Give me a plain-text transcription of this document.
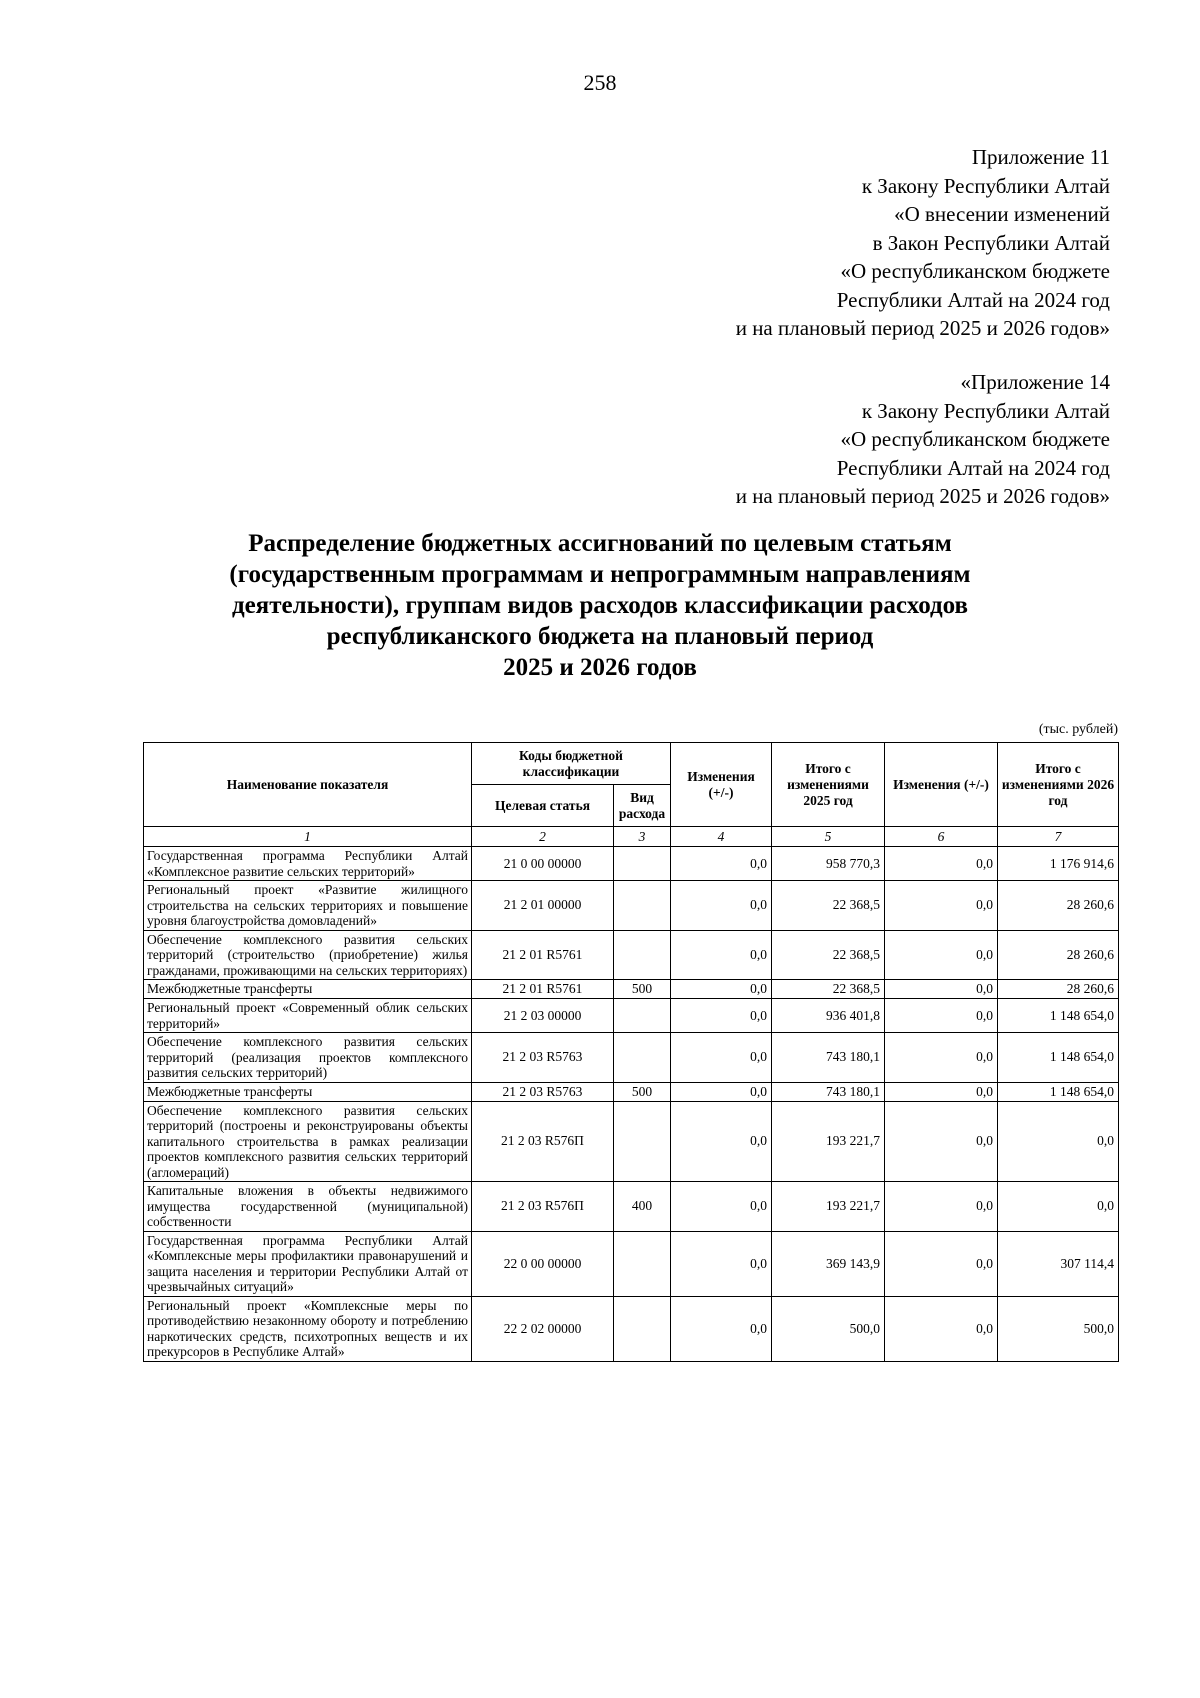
258
Приложение 11
к Закону Республики Алтай
«О внесении изменений
в Закон Республики Алтай
«О республиканском бюджете
Республики Алтай на 2024 год
и на плановый период 2025 и 2026 годов»
«Приложение 14
к Закону Республики Алтай
«О республиканском бюджете
Республики Алтай на 2024 год
и на плановый период 2025 и 2026 годов»
Распределение бюджетных ассигнований по целевым статьям
(государственным программам и непрограммным направлениям
деятельности), группам видов расходов классификации расходов
республиканского бюджета на плановый период
2025 и 2026 годов
(тыс. рублей)
Наименование показателя	Коды бюджетной классификации		Изменения (+/-)	Итого с изменениями 2025 год	Изменения (+/-)	Итого с изменениями 2026 год
	Целевая статья	Вид расхода				
1	2	3	4	5	6	7
Государственная программа Республики Алтай «Комплексное развитие сельских территорий»	21 0 00 00000		0,0	958 770,3	0,0	1 176 914,6
Региональный проект «Развитие жилищного строительства на сельских территориях и повышение уровня благоустройства домовладений»	21 2 01 00000		0,0	22 368,5	0,0	28 260,6
Обеспечение комплексного развития сельских территорий (строительство (приобретение) жилья гражданами, проживающими на сельских территориях)	21 2 01 R5761		0,0	22 368,5	0,0	28 260,6
Межбюджетные трансферты	21 2 01 R5761	500	0,0	22 368,5	0,0	28 260,6
Региональный проект «Современный облик сельских территорий»	21 2 03 00000		0,0	936 401,8	0,0	1 148 654,0
Обеспечение комплексного развития сельских территорий (реализация проектов комплексного развития сельских территорий)	21 2 03 R5763		0,0	743 180,1	0,0	1 148 654,0
Межбюджетные трансферты	21 2 03 R5763	500	0,0	743 180,1	0,0	1 148 654,0
Обеспечение комплексного развития сельских территорий (построены и реконструированы объекты капитального строительства в рамках реализации проектов комплексного развития сельских территорий (агломераций)	21 2 03 R576П		0,0	193 221,7	0,0	0,0
Капитальные вложения в объекты недвижимого имущества государственной (муниципальной) собственности	21 2 03 R576П	400	0,0	193 221,7	0,0	0,0
Государственная программа Республики Алтай «Комплексные меры профилактики правонарушений и защита населения и территории Республики Алтай от чрезвычайных ситуаций»	22 0 00 00000		0,0	369 143,9	0,0	307 114,4
Региональный проект «Комплексные меры по противодействию незаконному обороту и потреблению наркотических средств, психотропных веществ и их прекурсоров в Республике Алтай»	22 2 02 00000		0,0	500,0	0,0	500,0
